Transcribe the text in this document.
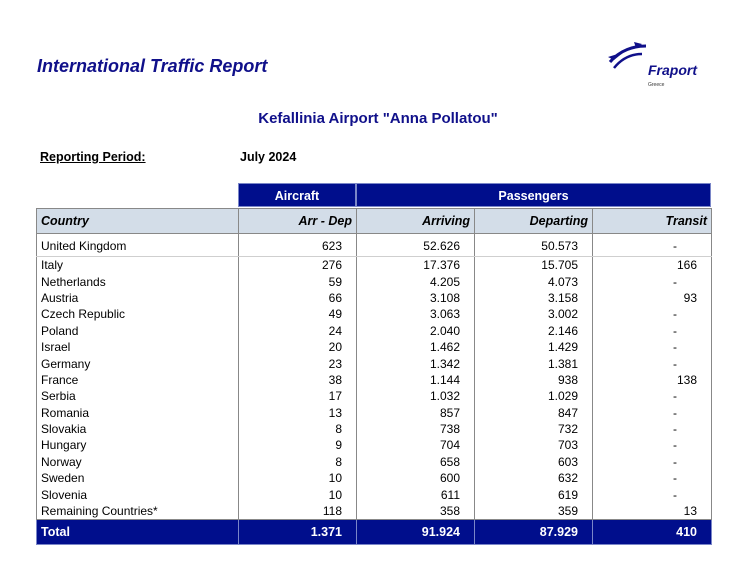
International Traffic Report	Fraport
Greece
Kefallinia Airport "Anna Pollatou"
Reporting Period:	July 2024
Aircraft	Passengers
Country	Arr - Dep	Arriving	Departing	Transit
United Kingdom	623	52.626	50.573	-
Italy	276	17.376	15.705	166
Netherlands	59	4.205	4.073	-
Austria	66	3.108	3.158	93
Czech Republic	49	3.063	3.002	-
Poland	24	2.040	2.146	-
Israel	20	1.462	1.429	-
Germany	23	1.342	1.381	-
France	38	1.144	938	138
Serbia	17	1.032	1.029	-
Romania	13	857	847	-
Slovakia	8	738	732	-
Hungary	9	704	703	-
Norway	8	658	603	-
Sweden	10	600	632	-
Slovenia	10	611	619	-
Remaining Countries*	118	358	359	13
Total	1.371	91.924	87.929	410
